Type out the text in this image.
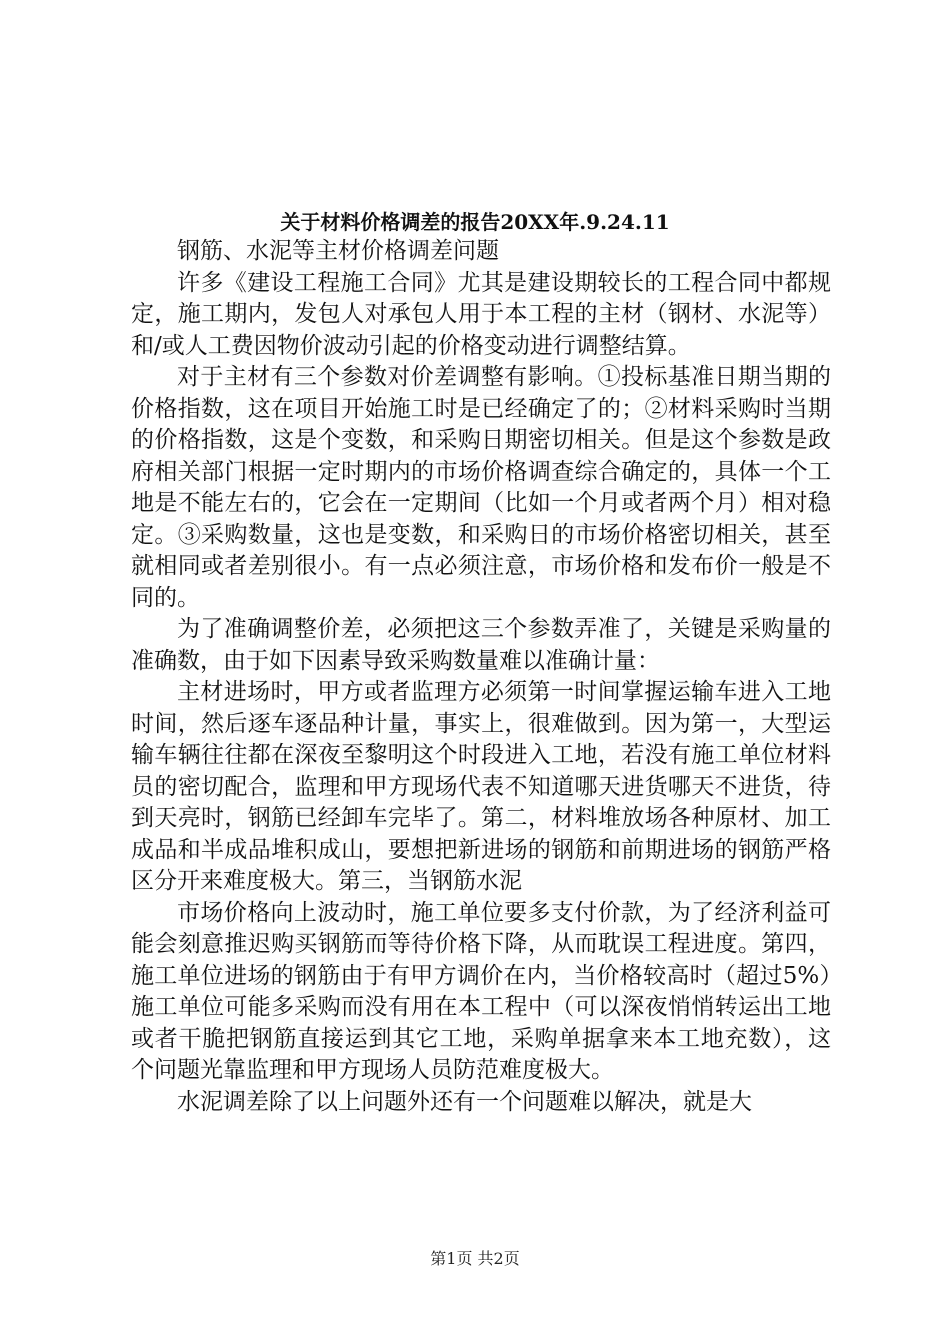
关于材料价格调差的报告20XX年.9.24.11

钢筋、水泥等主材价格调差问题

许多《建设工程施工合同》尤其是建设期较长的工程合同中都规定，施工期内，发包人对承包人用于本工程的主材（钢材、水泥等）和/或人工费因物价波动引起的价格变动进行调整结算。

对于主材有三个参数对价差调整有影响。①投标基准日期当期的价格指数，这在项目开始施工时是已经确定了的；②材料采购时当期的价格指数，这是个变数，和采购日期密切相关。但是这个参数是政府相关部门根据一定时期内的市场价格调查综合确定的，具体一个工地是不能左右的，它会在一定期间（比如一个月或者两个月）相对稳定。③采购数量，这也是变数，和采购日的市场价格密切相关，甚至就相同或者差别很小。有一点必须注意，市场价格和发布价一般是不同的。

为了准确调整价差，必须把这三个参数弄准了，关键是采购量的准确数，由于如下因素导致采购数量难以准确计量：

主材进场时，甲方或者监理方必须第一时间掌握运输车进入工地时间，然后逐车逐品种计量，事实上，很难做到。因为第一，大型运输车辆往往都在深夜至黎明这个时段进入工地，若没有施工单位材料员的密切配合，监理和甲方现场代表不知道哪天进货哪天不进货，待到天亮时，钢筋已经卸车完毕了。第二，材料堆放场各种原材、加工成品和半成品堆积成山，要想把新进场的钢筋和前期进场的钢筋严格区分开来难度极大。第三，当钢筋水泥

市场价格向上波动时，施工单位要多支付价款，为了经济利益可能会刻意推迟购买钢筋而等待价格下降，从而耽误工程进度。第四，施工单位进场的钢筋由于有甲方调价在内，当价格较高时（超过5%）施工单位可能多采购而没有用在本工程中（可以深夜悄悄转运出工地或者干脆把钢筋直接运到其它工地，采购单据拿来本工地充数），这个问题光靠监理和甲方现场人员防范难度极大。

水泥调差除了以上问题外还有一个问题难以解决，就是大

第1页 共2页
